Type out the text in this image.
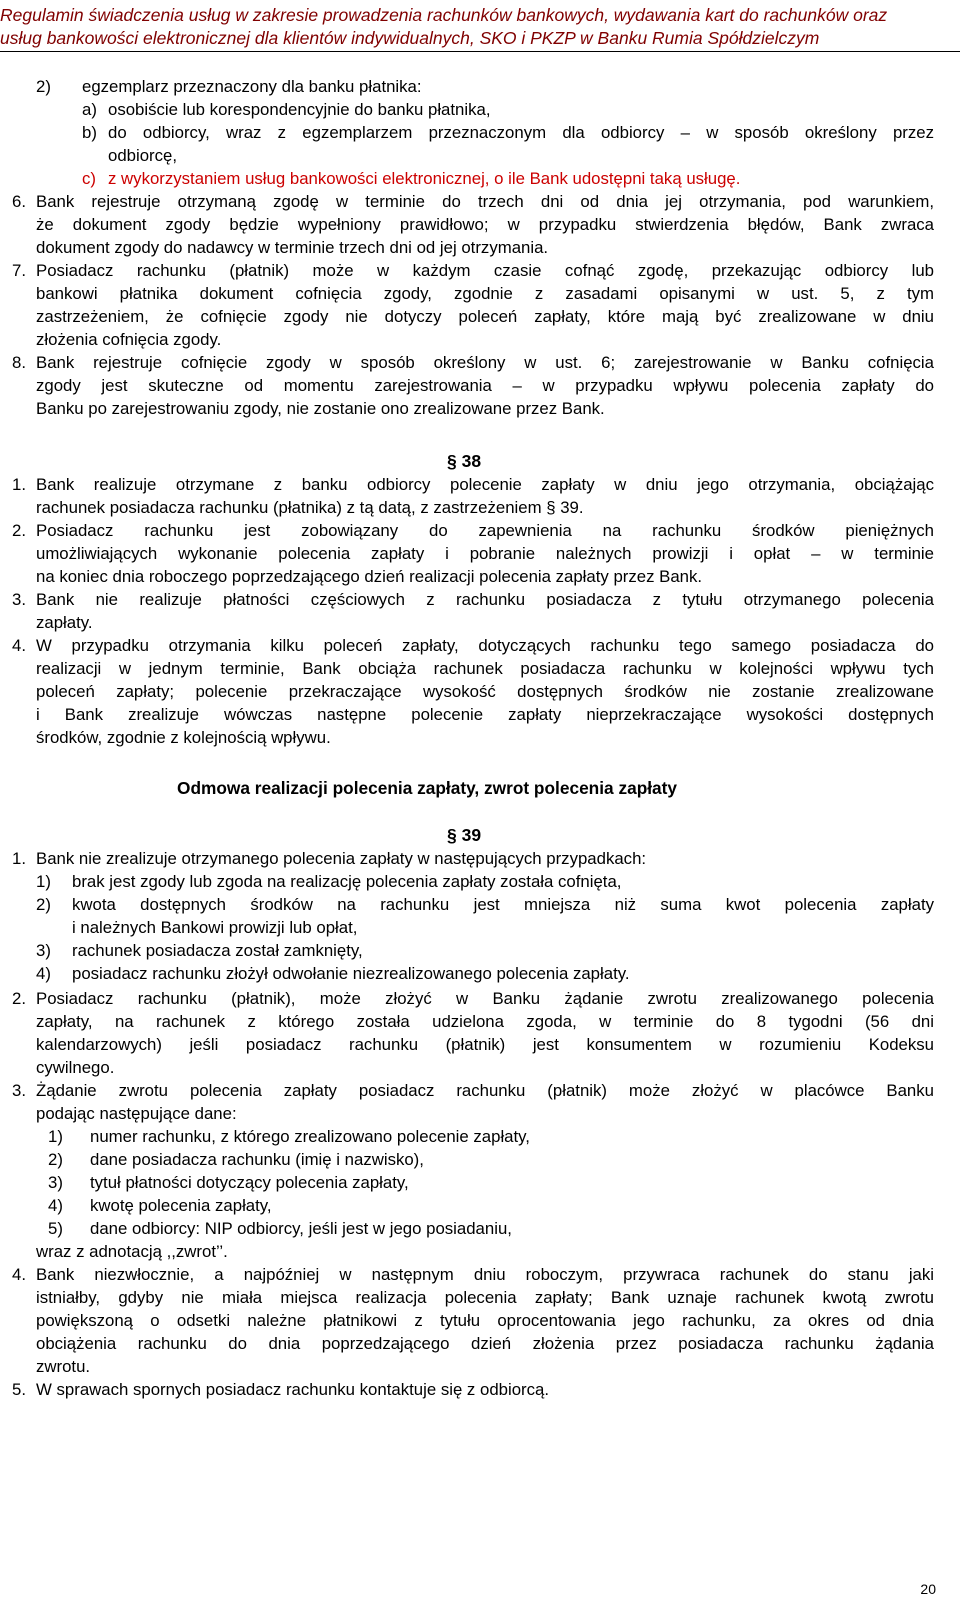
Regulamin świadczenia usług w zakresie prowadzenia rachunków bankowych, wydawania kart do rachunków oraz
usług bankowości elektronicznej dla klientów indywidualnych, SKO i PKZP w Banku Rumia Spółdzielczym
2) egzemplarz przeznaczony dla banku płatnika:
a) osobiście lub korespondencyjnie do banku płatnika,
b) do odbiorcy, wraz z egzemplarzem przeznaczonym dla odbiorcy – w sposób określony przez
odbiorcę,
c) z wykorzystaniem usług bankowości elektronicznej, o ile Bank udostępni taką usługę.
6. Bank rejestruje otrzymaną zgodę w terminie do trzech dni od dnia jej otrzymania, pod warunkiem,
że dokument zgody będzie wypełniony prawidłowo; w przypadku stwierdzenia błędów, Bank zwraca
dokument zgody do nadawcy w terminie trzech dni od jej otrzymania.
7. Posiadacz rachunku (płatnik) może w każdym czasie cofnąć zgodę, przekazując odbiorcy lub
bankowi płatnika dokument cofnięcia zgody, zgodnie z zasadami opisanymi w ust. 5, z tym
zastrzeżeniem, że cofnięcie zgody nie dotyczy poleceń zapłaty, które mają być zrealizowane w dniu
złożenia cofnięcia zgody.
8. Bank rejestruje cofnięcie zgody w sposób określony w ust. 6; zarejestrowanie w Banku cofnięcia
zgody jest skuteczne od momentu zarejestrowania – w przypadku wpływu polecenia zapłaty do
Banku po zarejestrowaniu zgody, nie zostanie ono zrealizowane przez Bank.
§ 38
1. Bank realizuje otrzymane z banku odbiorcy polecenie zapłaty w dniu jego otrzymania, obciążając
rachunek posiadacza rachunku (płatnika) z tą datą, z zastrzeżeniem § 39.
2. Posiadacz rachunku jest zobowiązany do zapewnienia na rachunku środków pieniężnych
umożliwiających wykonanie polecenia zapłaty i pobranie należnych prowizji i opłat – w terminie
na koniec dnia roboczego poprzedzającego dzień realizacji polecenia zapłaty przez Bank.
3. Bank nie realizuje płatności częściowych z rachunku posiadacza z tytułu otrzymanego polecenia
zapłaty.
4. W przypadku otrzymania kilku poleceń zapłaty, dotyczących rachunku tego samego posiadacza do
realizacji w jednym terminie, Bank obciąża rachunek posiadacza rachunku w kolejności wpływu tych
poleceń zapłaty; polecenie przekraczające wysokość dostępnych środków nie zostanie zrealizowane
i Bank zrealizuje wówczas następne polecenie zapłaty nieprzekraczające wysokości dostępnych
środków, zgodnie z kolejnością wpływu.
Odmowa realizacji polecenia zapłaty, zwrot polecenia zapłaty
§ 39
1. Bank nie zrealizuje otrzymanego polecenia zapłaty w następujących przypadkach:
1) brak jest zgody lub zgoda na realizację polecenia zapłaty została cofnięta,
2) kwota dostępnych środków na rachunku jest mniejsza niż suma kwot polecenia zapłaty
i należnych Bankowi prowizji lub opłat,
3) rachunek posiadacza został zamknięty,
4) posiadacz rachunku złożył odwołanie niezrealizowanego polecenia zapłaty.
2. Posiadacz rachunku (płatnik), może złożyć w Banku żądanie zwrotu zrealizowanego polecenia
zapłaty, na rachunek z którego została udzielona zgoda, w terminie do 8 tygodni (56 dni
kalendarzowych) jeśli posiadacz rachunku (płatnik) jest konsumentem w rozumieniu Kodeksu
cywilnego.
3. Żądanie zwrotu polecenia zapłaty posiadacz rachunku (płatnik) może złożyć w placówce Banku
podając następujące dane:
1) numer rachunku, z którego zrealizowano polecenie zapłaty,
2) dane posiadacza rachunku (imię i nazwisko),
3) tytuł płatności dotyczący polecenia zapłaty,
4) kwotę polecenia zapłaty,
5) dane odbiorcy: NIP odbiorcy, jeśli jest w jego posiadaniu,
wraz z adnotacją ,,zwrot’’.
4. Bank niezwłocznie, a najpóźniej w następnym dniu roboczym, przywraca rachunek do stanu jaki
istniałby, gdyby nie miała miejsca realizacja polecenia zapłaty; Bank uznaje rachunek kwotą zwrotu
powiększoną o odsetki należne płatnikowi z tytułu oprocentowania jego rachunku, za okres od dnia
obciążenia rachunku do dnia poprzedzającego dzień złożenia przez posiadacza rachunku żądania
zwrotu.
5. W sprawach spornych posiadacz rachunku kontaktuje się z odbiorcą.
20
